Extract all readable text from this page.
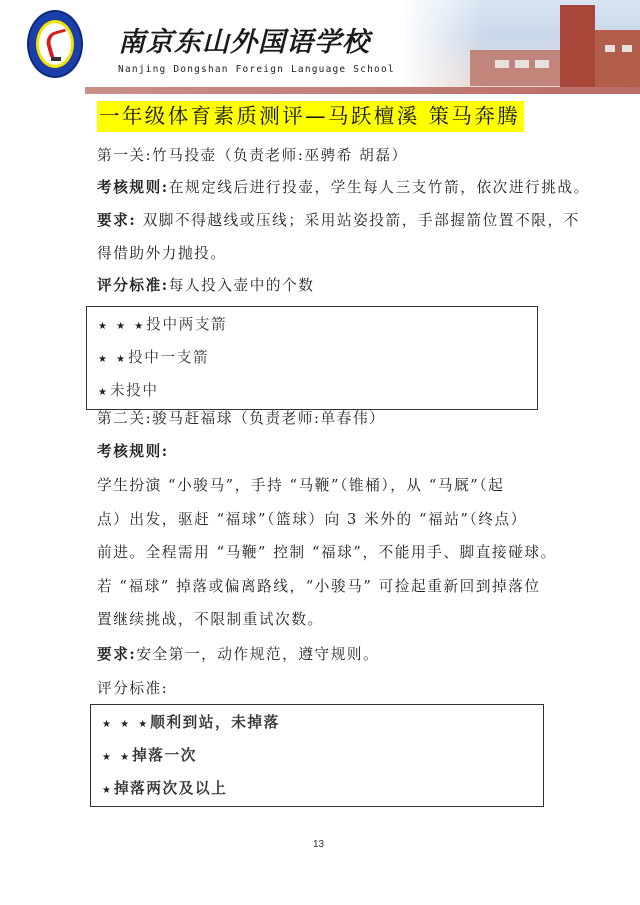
南京东山外国语学校
Nanjing Dongshan Foreign Language School
一年级体育素质测评—马跃檀溪 策马奔腾
第一关:竹马投壶（负责老师:巫骋希 胡磊）
考核规则:在规定线后进行投壶，学生每人三支竹箭，依次进行挑战。
要求: 双脚不得越线或压线；采用站姿投箭，手部握箭位置不限，不
得借助外力抛投。
评分标准:每人投入壶中的个数
★ ★ ★投中两支箭
★ ★投中一支箭
★未投中
第二关:骏马赶福球（负责老师:单春伟）
考核规则:
学生扮演 “小骏马”，手持 “马鞭”（锥桶），从 “马厩”（起
点）出发，驱赶 “福球”（篮球）向 3 米外的 “福站”（终点）
前进。全程需用 “马鞭” 控制 “福球”，不能用手、脚直接碰球。
若 “福球” 掉落或偏离路线，“小骏马” 可捡起重新回到掉落位
置继续挑战，不限制重试次数。
要求:安全第一，动作规范，遵守规则。
评分标准:
★ ★ ★顺利到站，未掉落
★ ★掉落一次
★掉落两次及以上
13
